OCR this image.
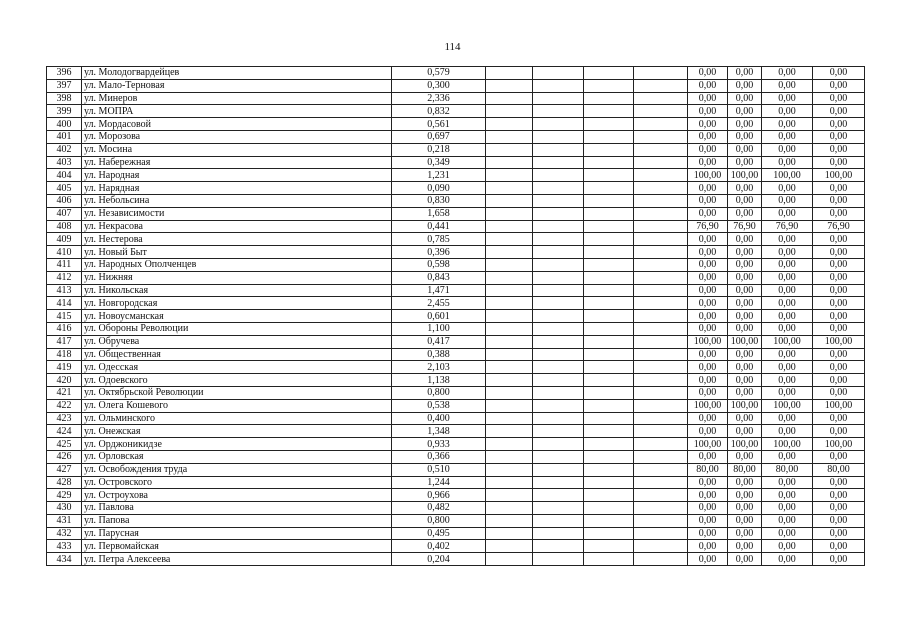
114
396	ул. Молодогвардейцев	0,579					0,00	0,00	0,00	0,00
397	ул. Мало-Терновая	0,300					0,00	0,00	0,00	0,00
398	ул. Минеров	2,336					0,00	0,00	0,00	0,00
399	ул. МОПРА	0,832					0,00	0,00	0,00	0,00
400	ул. Мордасовой	0,561					0,00	0,00	0,00	0,00
401	ул. Морозова	0,697					0,00	0,00	0,00	0,00
402	ул. Мосина	0,218					0,00	0,00	0,00	0,00
403	ул. Набережная	0,349					0,00	0,00	0,00	0,00
404	ул. Народная	1,231					100,00	100,00	100,00	100,00
405	ул. Нарядная	0,090					0,00	0,00	0,00	0,00
406	ул. Небольсина	0,830					0,00	0,00	0,00	0,00
407	ул. Независимости	1,658					0,00	0,00	0,00	0,00
408	ул. Некрасова	0,441					76,90	76,90	76,90	76,90
409	ул. Нестерова	0,785					0,00	0,00	0,00	0,00
410	ул. Новый Быт	0,396					0,00	0,00	0,00	0,00
411	ул. Народных Ополченцев	0,598					0,00	0,00	0,00	0,00
412	ул. Нижняя	0,843					0,00	0,00	0,00	0,00
413	ул. Никольская	1,471					0,00	0,00	0,00	0,00
414	ул. Новгородская	2,455					0,00	0,00	0,00	0,00
415	ул. Новоусманская	0,601					0,00	0,00	0,00	0,00
416	ул. Обороны Революции	1,100					0,00	0,00	0,00	0,00
417	ул. Обручева	0,417					100,00	100,00	100,00	100,00
418	ул. Общественная	0,388					0,00	0,00	0,00	0,00
419	ул. Одесская	2,103					0,00	0,00	0,00	0,00
420	ул. Одоевского	1,138					0,00	0,00	0,00	0,00
421	ул. Октябрьской Революции	0,800					0,00	0,00	0,00	0,00
422	ул. Олега Кошевого	0,538					100,00	100,00	100,00	100,00
423	ул. Ольминского	0,400					0,00	0,00	0,00	0,00
424	ул. Онежская	1,348					0,00	0,00	0,00	0,00
425	ул. Орджоникидзе	0,933					100,00	100,00	100,00	100,00
426	ул. Орловская	0,366					0,00	0,00	0,00	0,00
427	ул. Освобождения труда	0,510					80,00	80,00	80,00	80,00
428	ул. Островского	1,244					0,00	0,00	0,00	0,00
429	ул. Остроухова	0,966					0,00	0,00	0,00	0,00
430	ул. Павлова	0,482					0,00	0,00	0,00	0,00
431	ул. Папова	0,800					0,00	0,00	0,00	0,00
432	ул. Парусная	0,495					0,00	0,00	0,00	0,00
433	ул. Первомайская	0,402					0,00	0,00	0,00	0,00
434	ул. Петра Алексеева	0,204					0,00	0,00	0,00	0,00
